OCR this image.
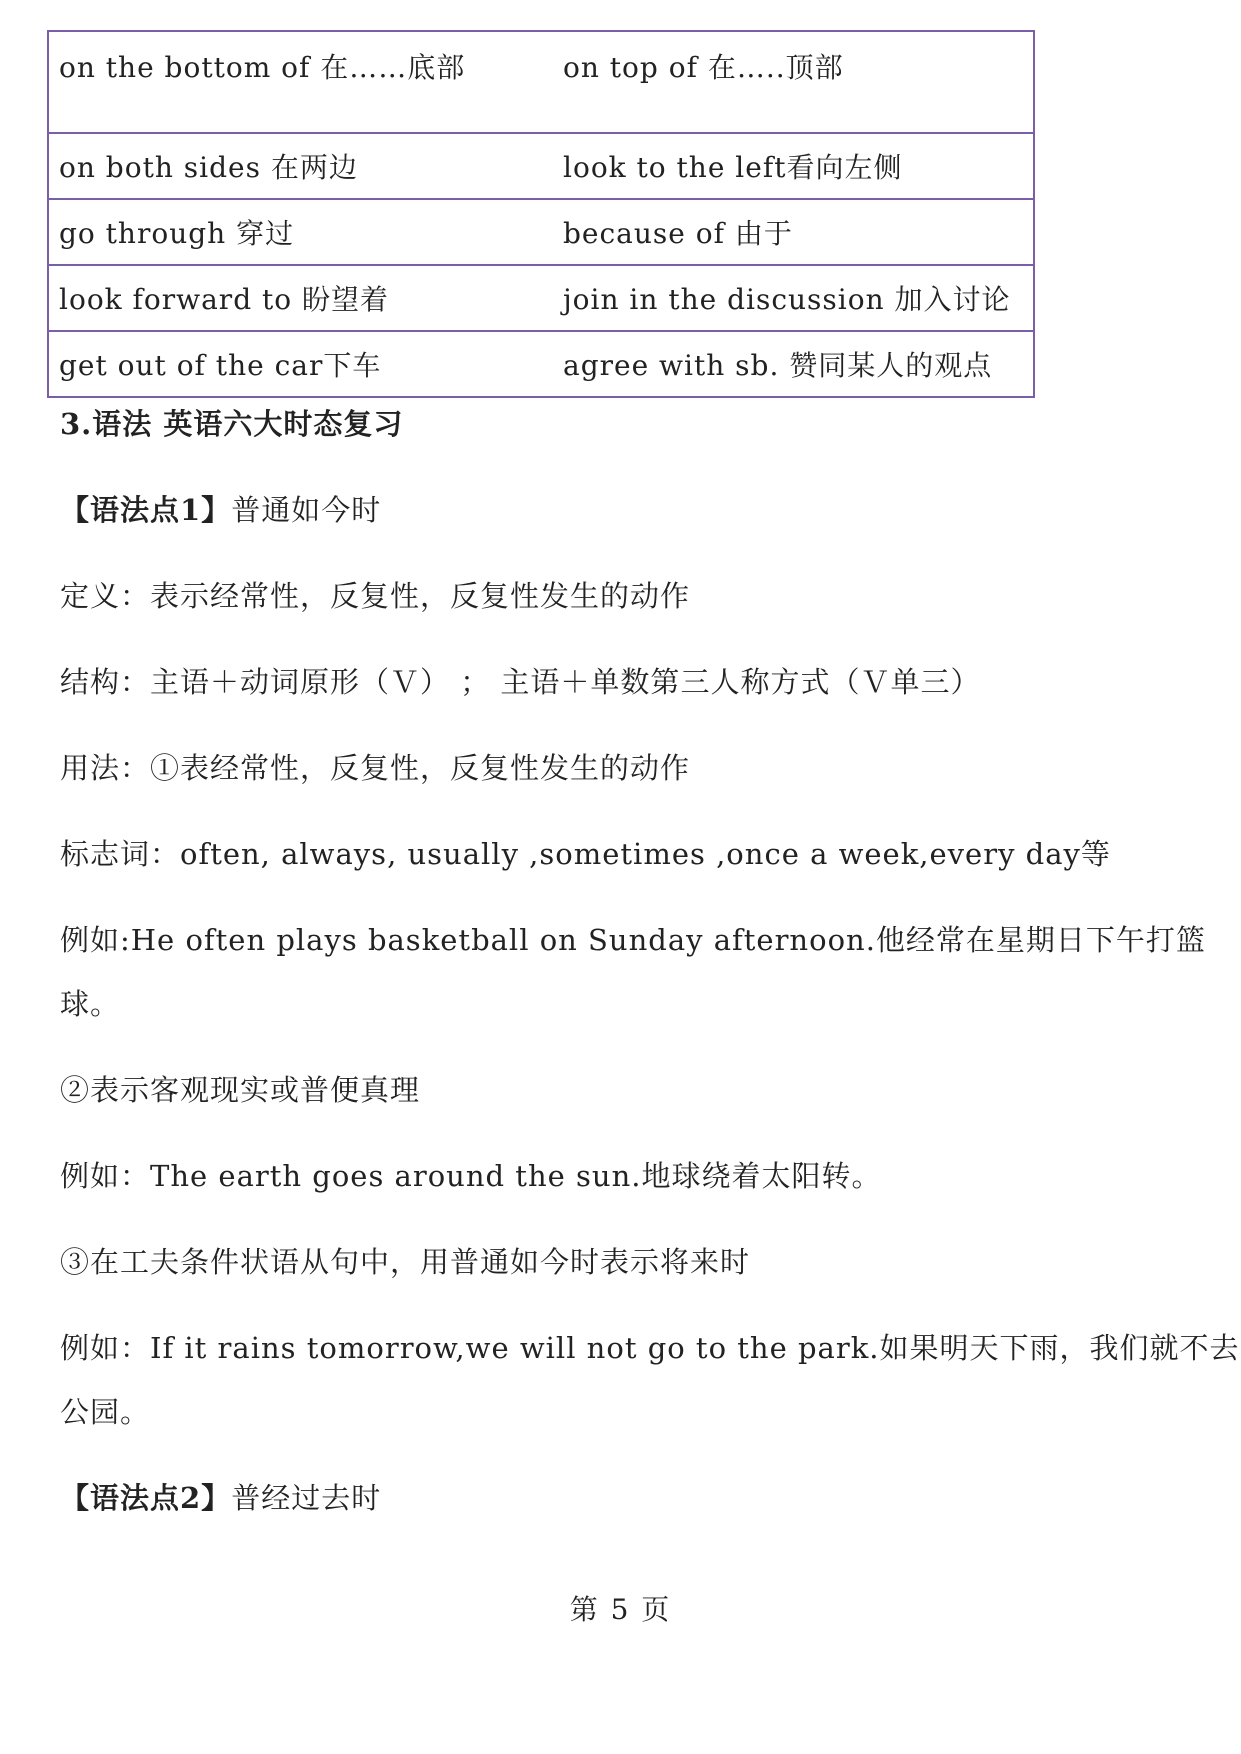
on the bottom of 在……底部	on top of 在…..顶部
on both sides 在两边	look to the left看向左侧
go through 穿过	because of 由于
look forward to 盼望着	join in the discussion 加入讨论
get out of the car下车	agree with sb. 赞同某人的观点
3.语法 英语六大时态复习
【语法点1】普通如今时
定义：表示经常性，反复性，反复性发生的动作
结构：主语＋动词原形（Ｖ） ； 主语＋单数第三人称方式（Ｖ单三）
用法：①表经常性，反复性，反复性发生的动作
标志词：often, always, usually ,sometimes ,once a week,every day等
例如:He often plays basketball on Sunday afternoon.他经常在星期日下午打篮
球。
②表示客观现实或普便真理
例如：The earth goes around the sun.地球绕着太阳转。
③在工夫条件状语从句中，用普通如今时表示将来时
例如：If it rains tomorrow,we will not go to the park.如果明天下雨，我们就不去
公园。
【语法点2】普经过去时
第 5 页
